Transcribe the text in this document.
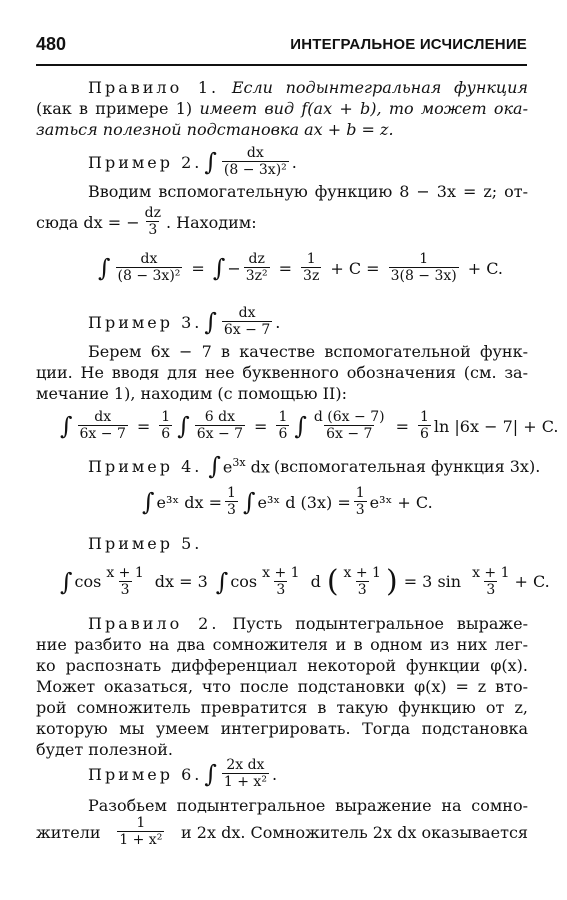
480	ИНТЕГРАЛЬНОЕ ИСЧИСЛЕНИЕ
Правило 1. Если подынтегральная функция
(как в примере 1) имеет вид f(ax + b), то может ока-
заться полезной подстановка ax + b = z.
Пример 2. ∫ dx
(8 − 3x)² .
Вводим вспомогательную функцию 8 − 3x = z; от-
сюда dx = − $\frac{dz}{3}$ . Находим:
∫ $\frac{dx}{\text{(8 − 3x)²}}$ = ∫ − $\frac{dz}{\text{3z²}} = \frac{1}{3z} + C = \frac{1}{3(8 - 3x)} + C$.
Пример 3. ∫ dx
6x − 7 .
Берем 6x − 7 в качестве вспомогательной функ-
ции. Не вводя для нее буквенного обозначения (см. за-
мечание 1), находим (с помощью II):
∫ $\frac{dx}{6x - 7} = \frac{1}{6}$ ∫ $\frac{6 dx}{6x - 7} = \frac{1}{6}$ ∫ $\frac{d (6x - 7)}{6x - 7} = \frac{1}{6}$ ln |6x − 7| + C.
Пример 4. ∫ $e^{3x}$ dx (вспомогательная функция 3x).
∫ e³ˣ dx = $\frac{1}{3}$ ∫ e³ˣ d $(3x) = \frac{1}{3}$ e³ˣ + C.
Пример 5.
∫ cos x + 1
3 dx = 3 ∫ cos x + 1
3 d ( x + 1
3 ) = 3 sin x + 1
3 + C.
Правило 2. Пусть подынтегральное выраже-
ние разбито на два сомножителя и в одном из них лег-
ко распознать дифференциал некоторой функции φ(x).
Может оказаться, что после подстановки φ(x) = z вто-
рой сомножитель превратится в такую функцию от z,
которую мы умеем интегрировать. Тогда подстановка
будет полезной.
Пример 6. ∫ 2x dx
1 + x² .
Разобьем подынтегральное выражение на сомно-
жители	1
1 + x² и 2x dx. Сомножитель 2x dx оказывается
